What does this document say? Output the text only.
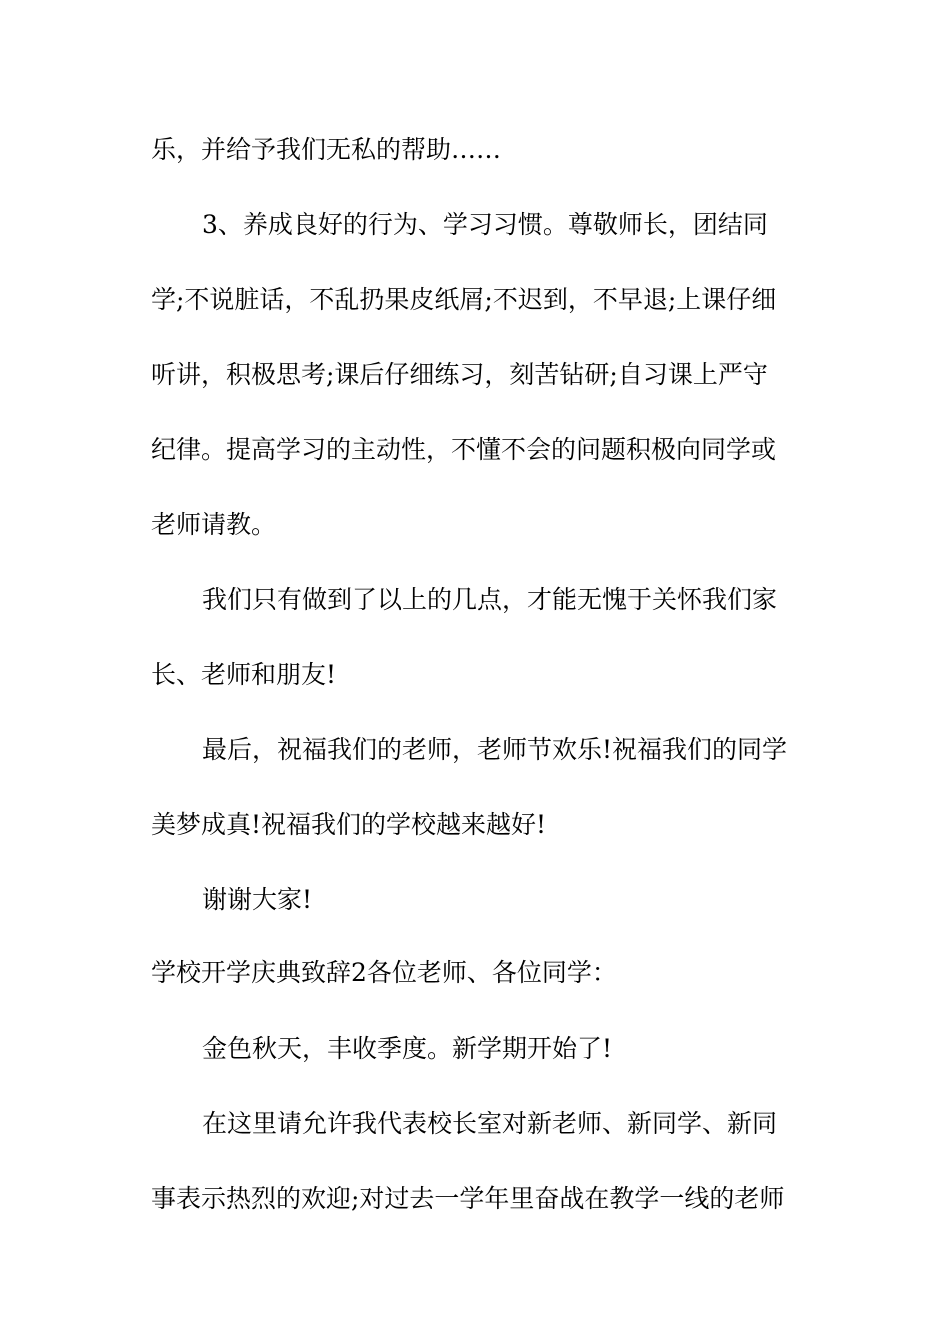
乐，并给予我们无私的帮助……
3、养成良好的行为、学习习惯。尊敬师长，团结同
学;不说脏话，不乱扔果皮纸屑;不迟到，不早退;上课仔细
听讲，积极思考;课后仔细练习，刻苦钻研;自习课上严守
纪律。提高学习的主动性，不懂不会的问题积极向同学或
老师请教。
我们只有做到了以上的几点，才能无愧于关怀我们家
长、老师和朋友!
最后，祝福我们的老师，老师节欢乐!祝福我们的同学
美梦成真!祝福我们的学校越来越好!
谢谢大家!
学校开学庆典致辞2各位老师、各位同学：
金色秋天，丰收季度。新学期开始了!
在这里请允许我代表校长室对新老师、新同学、新同
事表示热烈的欢迎;对过去一学年里奋战在教学一线的老师
